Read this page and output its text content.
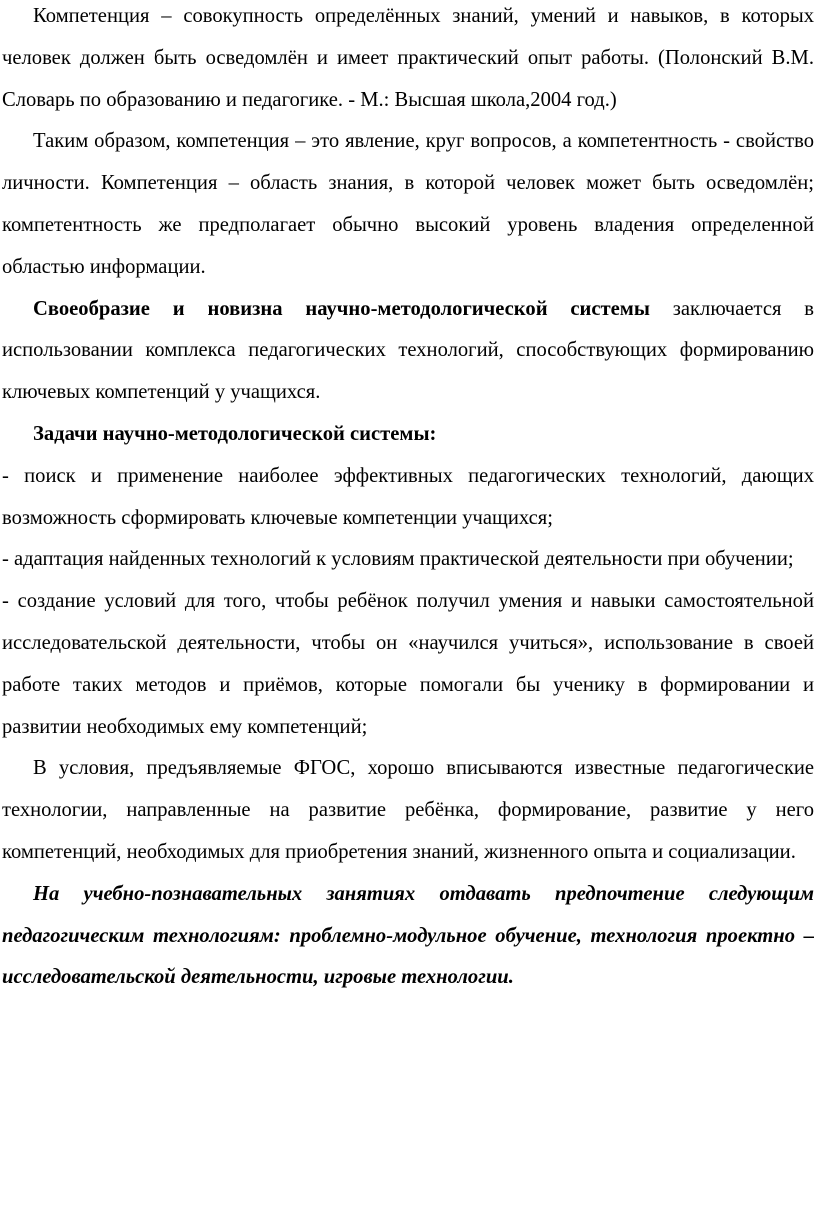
Компетенция – совокупность определённых знаний, умений и навыков, в которых человек должен быть осведомлён и имеет практический опыт работы. (Полонский В.М. Словарь по образованию и педагогике. - М.: Высшая школа,2004 год.)

Таким образом, компетенция – это явление, круг вопросов, а компетентность - свойство личности. Компетенция – область знания, в которой человек может быть осведомлён; компетентность же предполагает обычно высокий уровень владения определенной областью информации.

Своеобразие и новизна научно-методологической системы заключается в использовании комплекса педагогических технологий, способствующих формированию ключевых компетенций у учащихся.

Задачи научно-методологической системы:

- поиск и применение наиболее эффективных педагогических технологий, дающих возможность сформировать ключевые компетенции учащихся;

- адаптация найденных технологий к условиям практической деятельности при обучении;

- создание условий для того, чтобы ребёнок получил умения и навыки самостоятельной исследовательской деятельности, чтобы он «научился учиться», использование в своей работе таких методов и приёмов, которые помогали бы ученику в формировании и развитии необходимых ему компетенций;

В условия, предъявляемые ФГОС, хорошо вписываются известные педагогические технологии, направленные на развитие ребёнка, формирование, развитие у него компетенций, необходимых для приобретения знаний, жизненного опыта и социализации.

На учебно-познавательных занятиях отдавать предпочтение следующим педагогическим технологиям: проблемно-модульное обучение, технология проектно – исследовательской деятельности, игровые технологии.
